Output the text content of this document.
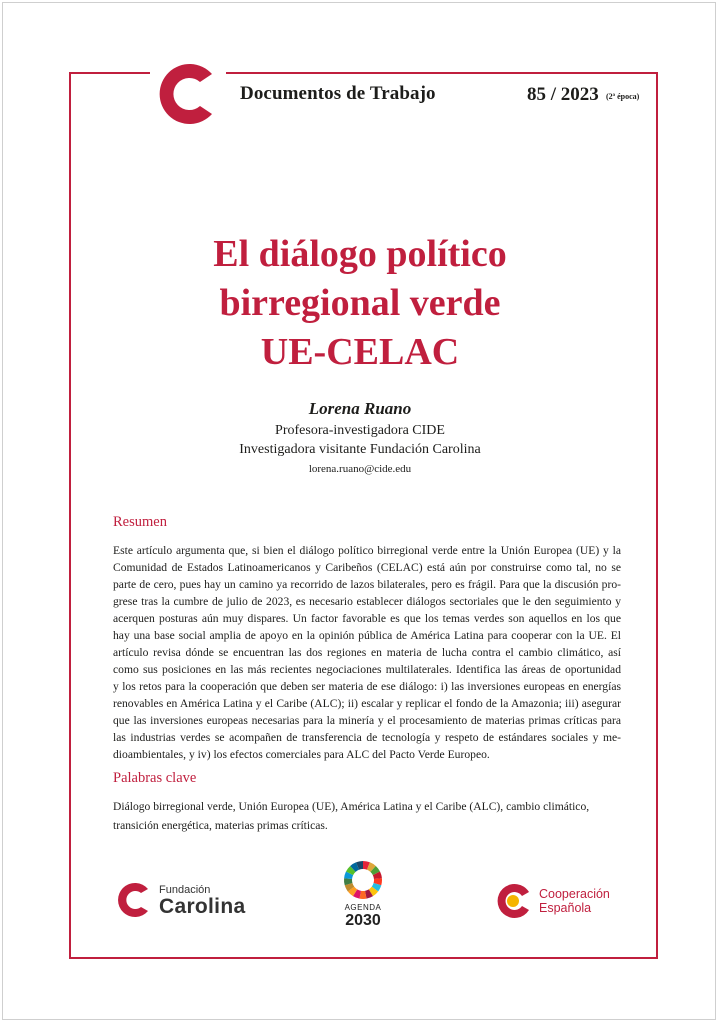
Documentos de Trabajo	85 / 2023 (2ª época)
El diálogo político
birregional verde
UE-CELAC
Lorena Ruano
Profesora-investigadora CIDE
Investigadora visitante Fundación Carolina
lorena.ruano@cide.edu
Resumen
Este artículo argumenta que, si bien el diálogo político birregional verde entre la Unión Europea (UE) y la
Comunidad de Estados Latinoamericanos y Caribeños (CELAC) está aún por construirse como tal, no se
parte de cero, pues hay un camino ya recorrido de lazos bilaterales, pero es frágil. Para que la discusión pro-
grese tras la cumbre de julio de 2023, es necesario establecer diálogos sectoriales que le den seguimiento y
acerquen posturas aún muy dispares. Un factor favorable es que los temas verdes son aquellos en los que
hay una base social amplia de apoyo en la opinión pública de América Latina para cooperar con la UE. El
artículo revisa dónde se encuentran las dos regiones en materia de lucha contra el cambio climático, así
como sus posiciones en las más recientes negociaciones multilaterales. Identifica las áreas de oportunidad
y los retos para la cooperación que deben ser materia de ese diálogo: i) las inversiones europeas en energías
renovables en América Latina y el Caribe (ALC); ii) escalar y replicar el fondo de la Amazonia; iii) asegurar
que las inversiones europeas necesarias para la minería y el procesamiento de materias primas críticas para
las industrias verdes se acompañen de transferencia de tecnología y respeto de estándares sociales y me-
dioambientales, y iv) los efectos comerciales para ALC del Pacto Verde Europeo.
Palabras clave
Diálogo birregional verde, Unión Europea (UE), América Latina y el Caribe (ALC), cambio climático,
transición energética, materias primas críticas.
Fundación
Carolina	AGENDA
2030
Cooperación
Española
